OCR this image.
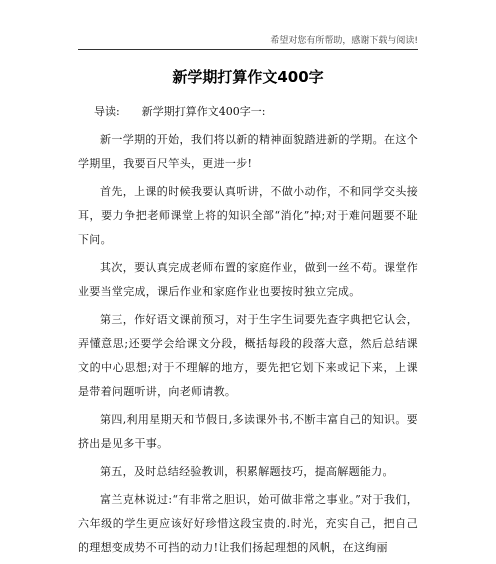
希望对您有所帮助，感谢下载与阅读!
新学期打算作文400字
导读: 新学期打算作文400字一:

新一学期的开始，我们将以新的精神面貌踏进新的学期。在这个学期里，我要百尺竿头，更进一步!

首先，上课的时候我要认真听讲，不做小动作，不和同学交头接耳，要力争把老师课堂上将的知识全部“消化”掉;对于难问题要不耻下问。

其次，要认真完成老师布置的家庭作业，做到一丝不苟。课堂作业要当堂完成，课后作业和家庭作业也要按时独立完成。

第三，作好语文课前预习，对于生字生词要先查字典把它认会，弄懂意思;还要学会给课文分段，概括每段的段落大意，然后总结课文的中心思想;对于不理解的地方，要先把它划下来或记下来，上课是带着问题听讲，向老师请教。

第四,利用星期天和节假日,多读课外书,不断丰富自己的知识。要挤出是见多干事。

第五，及时总结经验教训，积累解题技巧，提高解题能力。

富兰克林说过:“有非常之胆识，始可做非常之事业。”对于我们，六年级的学生更应该好好珍惜这段宝贵的.时光，充实自己，把自己的理想变成势不可挡的动力!让我们扬起理想的风帆，在这绚丽
